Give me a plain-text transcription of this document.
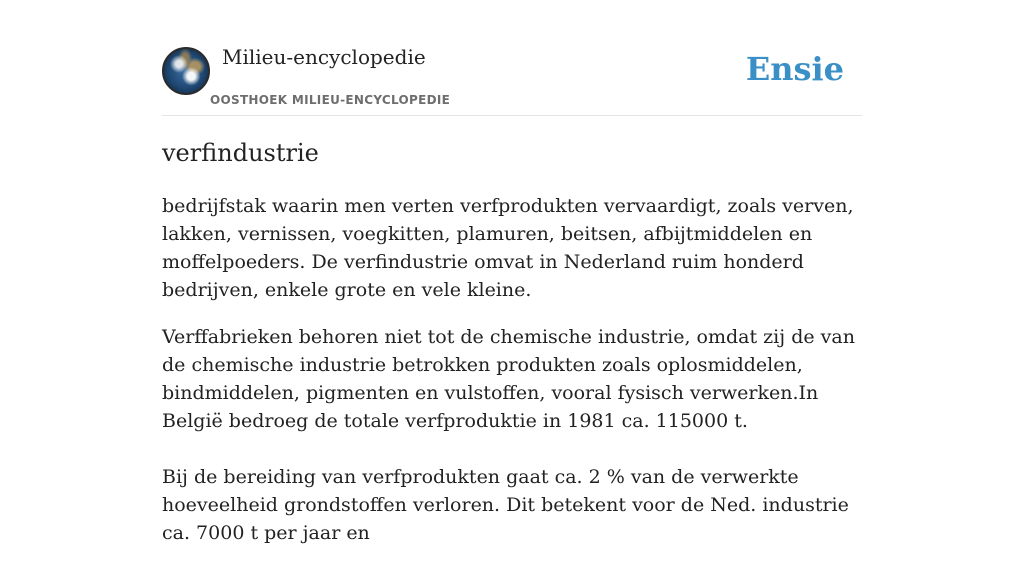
Milieu-encyclopedie
OOSTHOEK MILIEU-ENCYCLOPEDIE
Ensie
verfindustrie

bedrijfstak waarin men verten verfprodukten vervaardigt, zoals verven, lakken, vernissen, voegkitten, plamuren, beitsen, afbijtmiddelen en moffelpoeders. De verfindustrie omvat in Nederland ruim honderd bedrijven, enkele grote en vele kleine.

Verffabrieken behoren niet tot de chemische industrie, omdat zij de van de chemische industrie betrokken produkten zoals oplosmiddelen, bindmiddelen, pigmenten en vulstoffen, vooral fysisch verwerken.In België bedroeg de totale verfproduktie in 1981 ca. 115000 t.

Bij de bereiding van verfprodukten gaat ca. 2 % van de verwerkte hoeveelheid grondstoffen verloren. Dit betekent voor de Ned. industrie ca. 7000 t per jaar en
